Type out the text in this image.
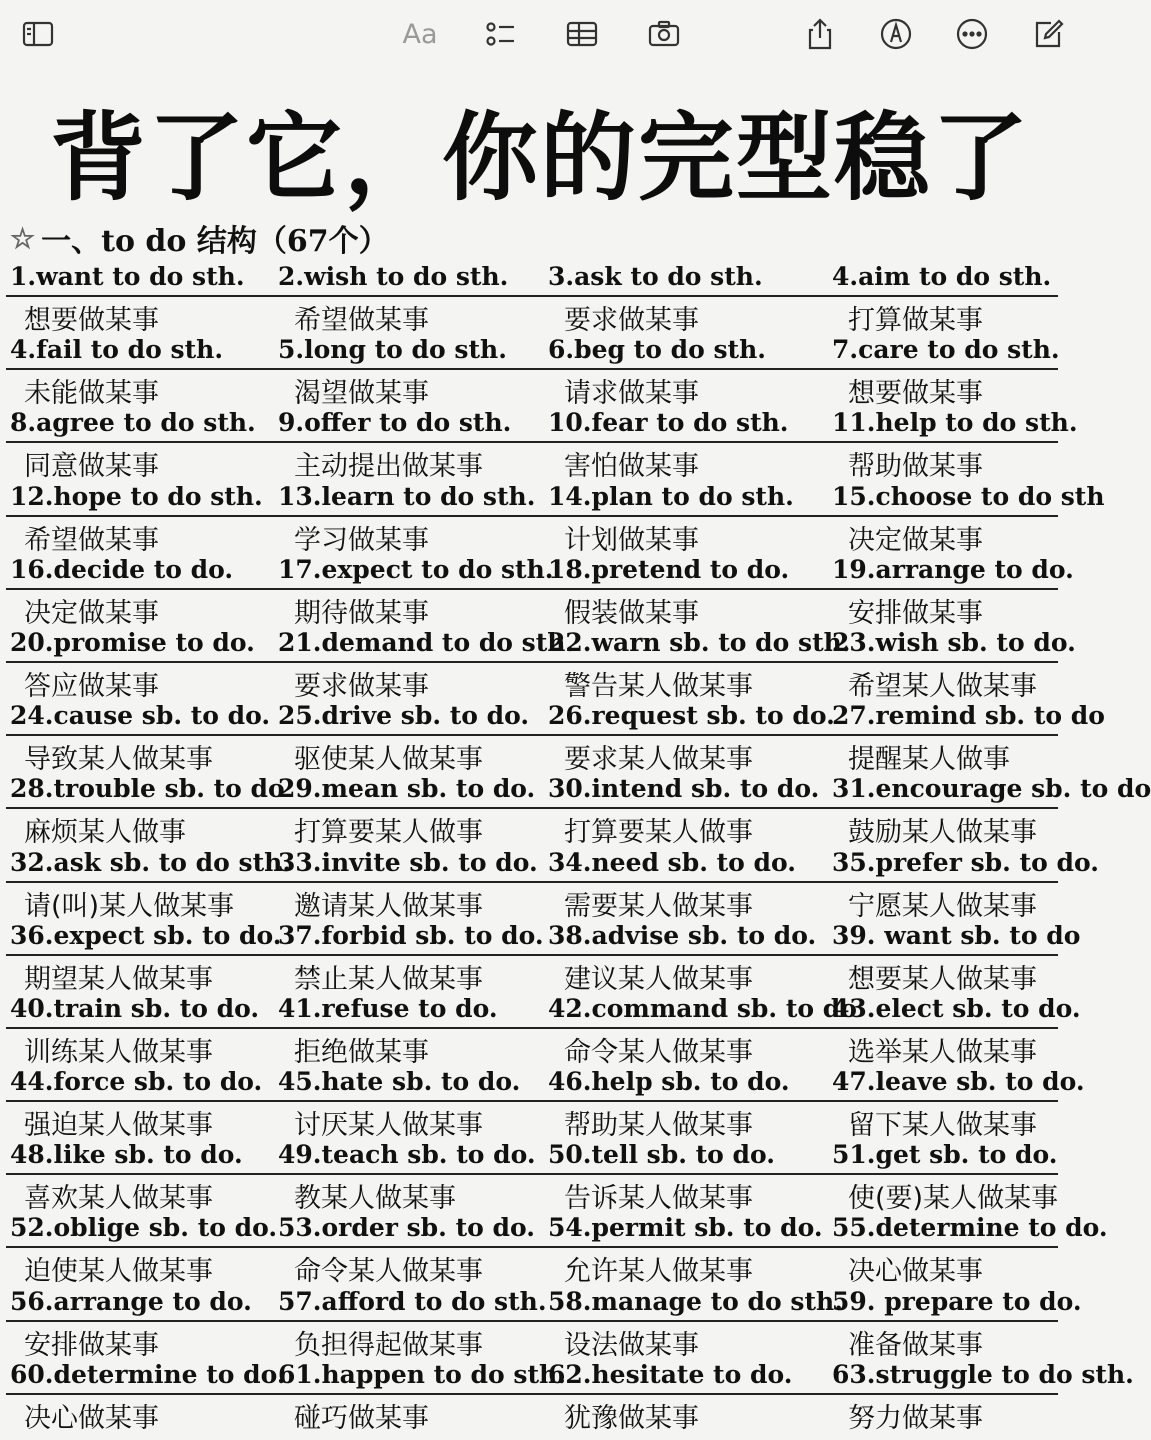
Aa
背了它，你的完型稳了
☆ 一、to do 结构（67个）
1.want to do sth.
想要做某事
2.wish to do sth.
希望做某事
3.ask to do sth.
要求做某事
4.aim to do sth.
打算做某事
4.fail to do sth.
未能做某事
5.long to do sth.
渴望做某事
6.beg to do sth.
请求做某事
7.care to do sth.
想要做某事
8.agree to do sth.
同意做某事
9.offer to do sth.
主动提出做某事
10.fear to do sth.
害怕做某事
11.help to do sth.
帮助做某事
12.hope to do sth.
希望做某事
13.learn to do sth.
学习做某事
14.plan to do sth.
计划做某事
15.choose to do sth
决定做某事
16.decide to do.
决定做某事
17.expect to do sth.
期待做某事
18.pretend to do.
假装做某事
19.arrange to do.
安排做某事
20.promise to do.
答应做某事
21.demand to do sth.
要求做某事
22.warn sb. to do sth.
警告某人做某事
23.wish sb. to do.
希望某人做某事
24.cause sb. to do.
导致某人做某事
25.drive sb. to do.
驱使某人做某事
26.request sb. to do.
要求某人做某事
27.remind sb. to do
提醒某人做事
28.trouble sb. to do
麻烦某人做事
29.mean sb. to do.
打算要某人做事
30.intend sb. to do.
打算要某人做事
31.encourage sb. to do
鼓励某人做某事
32.ask sb. to do sth.
请(叫)某人做某事
33.invite sb. to do.
邀请某人做某事
34.need sb. to do.
需要某人做某事
35.prefer sb. to do.
宁愿某人做某事
36.expect sb. to do.
期望某人做某事
37.forbid sb. to do.
禁止某人做某事
38.advise sb. to do.
建议某人做某事
39. want sb. to do
想要某人做某事
40.train sb. to do.
训练某人做某事
41.refuse to do.
拒绝做某事
42.command sb. to do
命令某人做某事
43.elect sb. to do.
选举某人做某事
44.force sb. to do.
强迫某人做某事
45.hate sb. to do.
讨厌某人做某事
46.help sb. to do.
帮助某人做某事
47.leave sb. to do.
留下某人做某事
48.like sb. to do.
喜欢某人做某事
49.teach sb. to do.
教某人做某事
50.tell sb. to do.
告诉某人做某事
51.get sb. to do.
使(要)某人做某事
52.oblige sb. to do.
迫使某人做某事
53.order sb. to do.
命令某人做某事
54.permit sb. to do.
允许某人做某事
55.determine to do.
决心做某事
56.arrange to do.
安排做某事
57.afford to do sth.
负担得起做某事
58.manage to do sth.
设法做某事
59. prepare to do.
准备做某事
60.determine to do.
决心做某事
61.happen to do sth.
碰巧做某事
62.hesitate to do.
犹豫做某事
63.struggle to do sth.
努力做某事
